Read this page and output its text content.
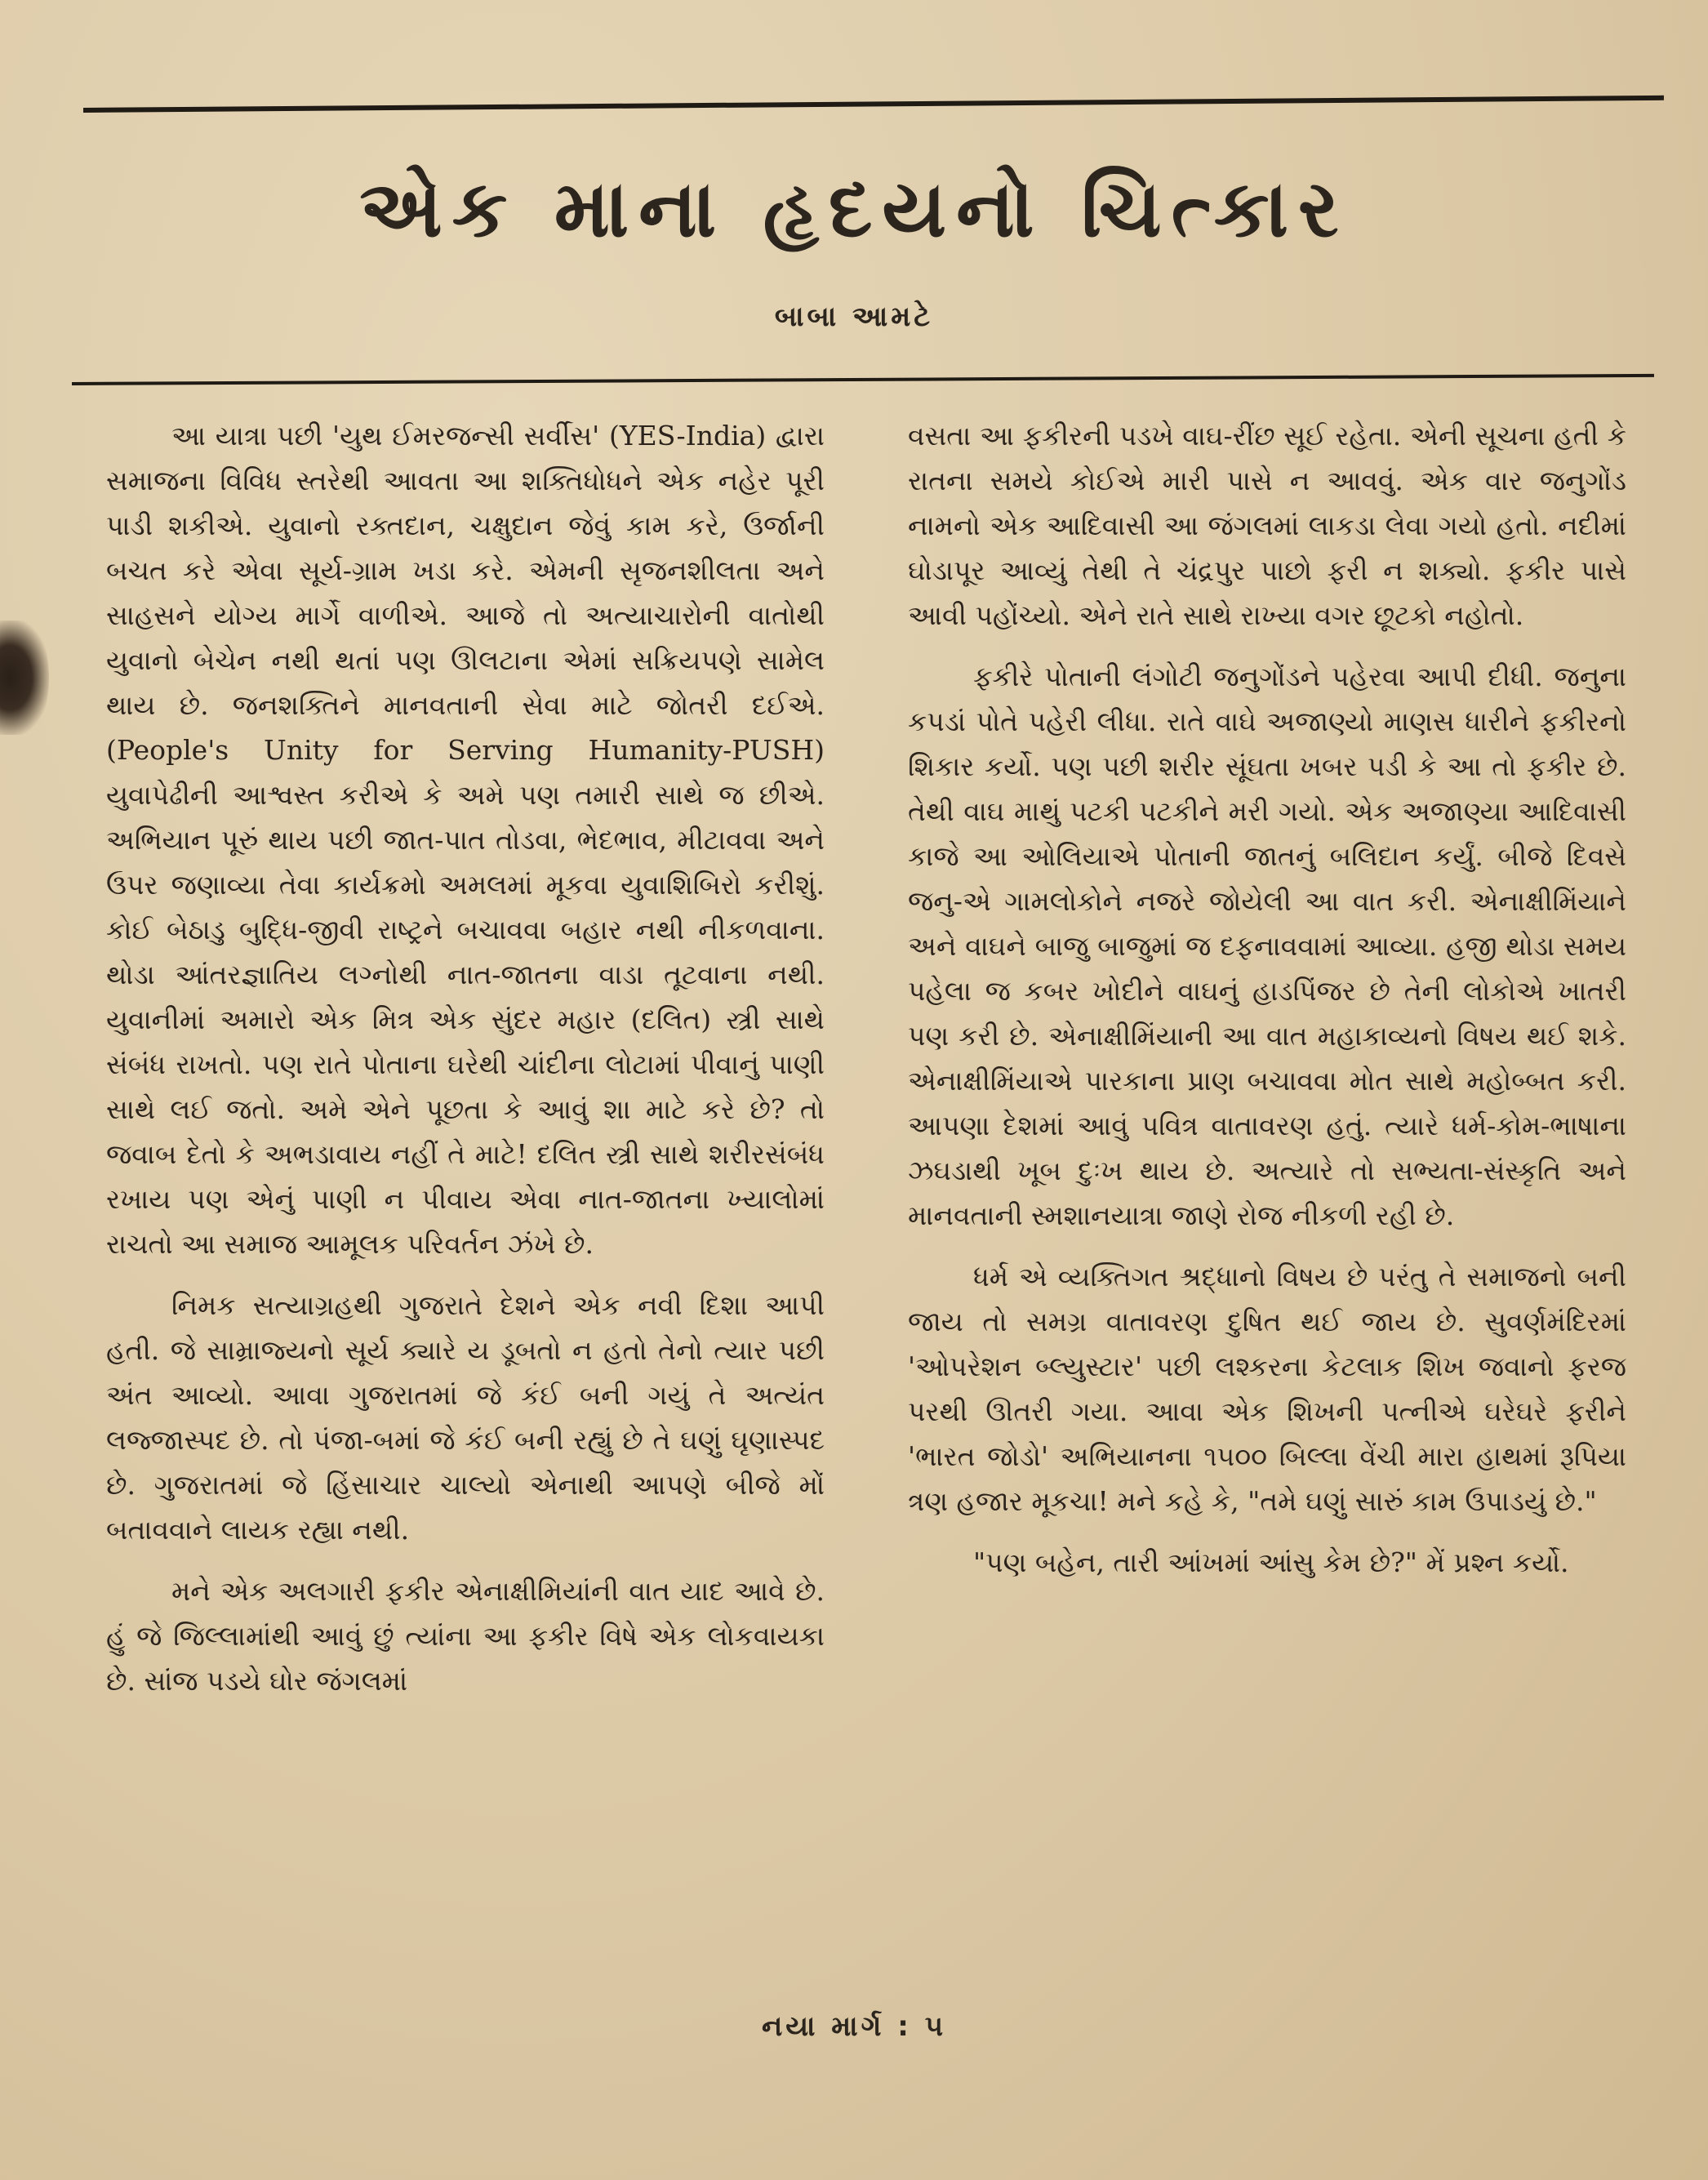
એક માના હૃદયનો ચિત્કાર
બાબા આમટે

આ યાત્રા પછી 'યુથ ઈમરજન્સી સર્વીસ' (YES-India) દ્વારા સમાજના વિવિધ સ્તરેથી આવતા આ શક્તિધોધને એક નહેર પૂરી પાડી શકીએ. યુવાનો રક્તદાન, ચક્ષુદાન જેવું કામ કરે, ઉર્જાની બચત કરે એવા સૂર્ય-ગ્રામ ખડા કરે. એમની સૃજનશીલતા અને સાહસને યોગ્ય માર્ગે વાળીએ. આજે તો અત્યાચારોની વાતોથી યુવાનો બેચેન નથી થતાં પણ ઊલટાના એમાં સક્રિયપણે સામેલ થાય છે. જનશક્તિને માનવતાની સેવા માટે જોતરી દઈએ. (People's Unity for Serving Humanity-PUSH) યુવાપેઢીની આશ્વસ્ત કરીએ કે અમે પણ તમારી સાથે જ છીએ. અભિયાન પૂરું થાય પછી જાત-પાત તોડવા, ભેદભાવ, મીટાવવા અને ઉપર જણાવ્યા તેવા કાર્યક્રમો અમલમાં મૂકવા યુવાશિબિરો કરીશું. કોઈ બેઠાડુ બુદ્ધિ-જીવી રાષ્ટ્રને બચાવવા બહાર નથી નીકળવાના. થોડા આંતરજ્ઞાતિય લગ્નોથી નાત-જાતના વાડા તૂટવાના નથી. યુવાનીમાં અમારો એક મિત્ર એક સુંદર મહાર (દલિત) સ્ત્રી સાથે સંબંધ રાખતો. પણ રાતે પોતાના ઘરેથી ચાંદીના લોટામાં પીવાનું પાણી સાથે લઈ જતો. અમે એને પૂછતા કે આવું શા માટે કરે છે? તો જવાબ દેતો કે અભડાવાય નહીં તે માટે! દલિત સ્ત્રી સાથે શરીરસંબંધ રખાય પણ એનું પાણી ન પીવાય એવા નાત-જાતના ખ્યાલોમાં રાચતો આ સમાજ આમૂલક પરિવર્તન ઝંખે છે.

નિમક સત્યાગ્રહથી ગુજરાતે દેશને એક નવી દિશા આપી હતી. જે સામ્રાજ્યનો સૂર્ય ક્યારે ય ડૂબતો ન હતો તેનો ત્યાર પછી અંત આવ્યો. આવા ગુજરાતમાં જે કંઈ બની ગયું તે અત્યંત લજ્જાસ્પદ છે. તો પંજા-બમાં જે કંઈ બની રહ્યું છે તે ઘણું ઘૃણાસ્પદ છે. ગુજરાતમાં જે હિંસાચાર ચાલ્યો એનાથી આપણે બીજે મોં બતાવવાને લાયક રહ્યા નથી.

મને એક અલગારી ફકીર એનાક્ષીમિયાંની વાત યાદ આવે છે. હું જે જિલ્લામાંથી આવું છું ત્યાંના આ ફકીર વિષે એક લોકવાયકા છે. સાંજ પડયે ઘોર જંગલમાં

વસતા આ ફકીરની પડખે વાઘ-રીંછ સૂઈ રહેતા. એની સૂચના હતી કે રાતના સમયે કોઈએ મારી પાસે ન આવવું. એક વાર જનુગોંડ નામનો એક આદિવાસી આ જંગલમાં લાકડા લેવા ગયો હતો. નદીમાં ઘોડાપૂર આવ્યું તેથી તે ચંદ્રપુર પાછો ફરી ન શક્યો. ફકીર પાસે આવી પહોંચ્યો. એને રાતે સાથે રાખ્યા વગર છૂટકો નહોતો.

ફકીરે પોતાની લંગોટી જનુગોંડને પહેરવા આપી દીધી. જનુના કપડાં પોતે પહેરી લીધા. રાતે વાઘે અજાણ્યો માણસ ધારીને ફકીરનો શિકાર કર્યો. પણ પછી શરીર સૂંઘતા ખબર પડી કે આ તો ફકીર છે. તેથી વાઘ માથું પટકી પટકીને મરી ગયો. એક અજાણ્યા આદિવાસી કાજે આ ઓલિયાએ પોતાની જાતનું બલિદાન કર્યું. બીજે દિવસે જનુ-એ ગામલોકોને નજરે જોયેલી આ વાત કરી. એનાક્ષીમિંયાને અને વાઘને બાજુ બાજુમાં જ દફનાવવામાં આવ્યા. હજી થોડા સમય પહેલા જ કબર ખોદીને વાઘનું હાડપિંજર છે તેની લોકોએ ખાતરી પણ કરી છે. એનાક્ષીમિંયાની આ વાત મહાકાવ્યનો વિષય થઈ શકે. એનાક્ષીમિંયાએ પારકાના પ્રાણ બચાવવા મોત સાથે મહોબ્બત કરી. આપણા દેશમાં આવું પવિત્ર વાતાવરણ હતું. ત્યારે ધર્મ-કોમ-ભાષાના ઝઘડાથી ખૂબ દુઃખ થાય છે. અત્યારે તો સભ્યતા-સંસ્કૃતિ અને માનવતાની સ્મશાનયાત્રા જાણે રોજ નીકળી રહી છે.

ધર્મ એ વ્યક્તિગત શ્રદ્ધાનો વિષય છે પરંતુ તે સમાજનો બની જાય તો સમગ્ર વાતાવરણ દુષિત થઈ જાય છે. સુવર્ણમંદિરમાં 'ઓપરેશન બ્લ્યુસ્ટાર' પછી લશ્કરના કેટલાક શિખ જવાનો ફરજ પરથી ઊતરી ગયા. આવા એક શિખની પત્નીએ ઘરેઘરે ફરીને 'ભારત જોડો' અભિયાનના ૧૫૦૦ બિલ્લા વેંચી મારા હાથમાં રૂપિયા ત્રણ હજાર મૂકચા! મને કહે કે, "તમે ઘણું સારું કામ ઉપાડયું છે."

"પણ બહેન, તારી આંખમાં આંસુ કેમ છે?" મેં પ્રશ્ન કર્યો.

નયા માર્ગ : ૫
